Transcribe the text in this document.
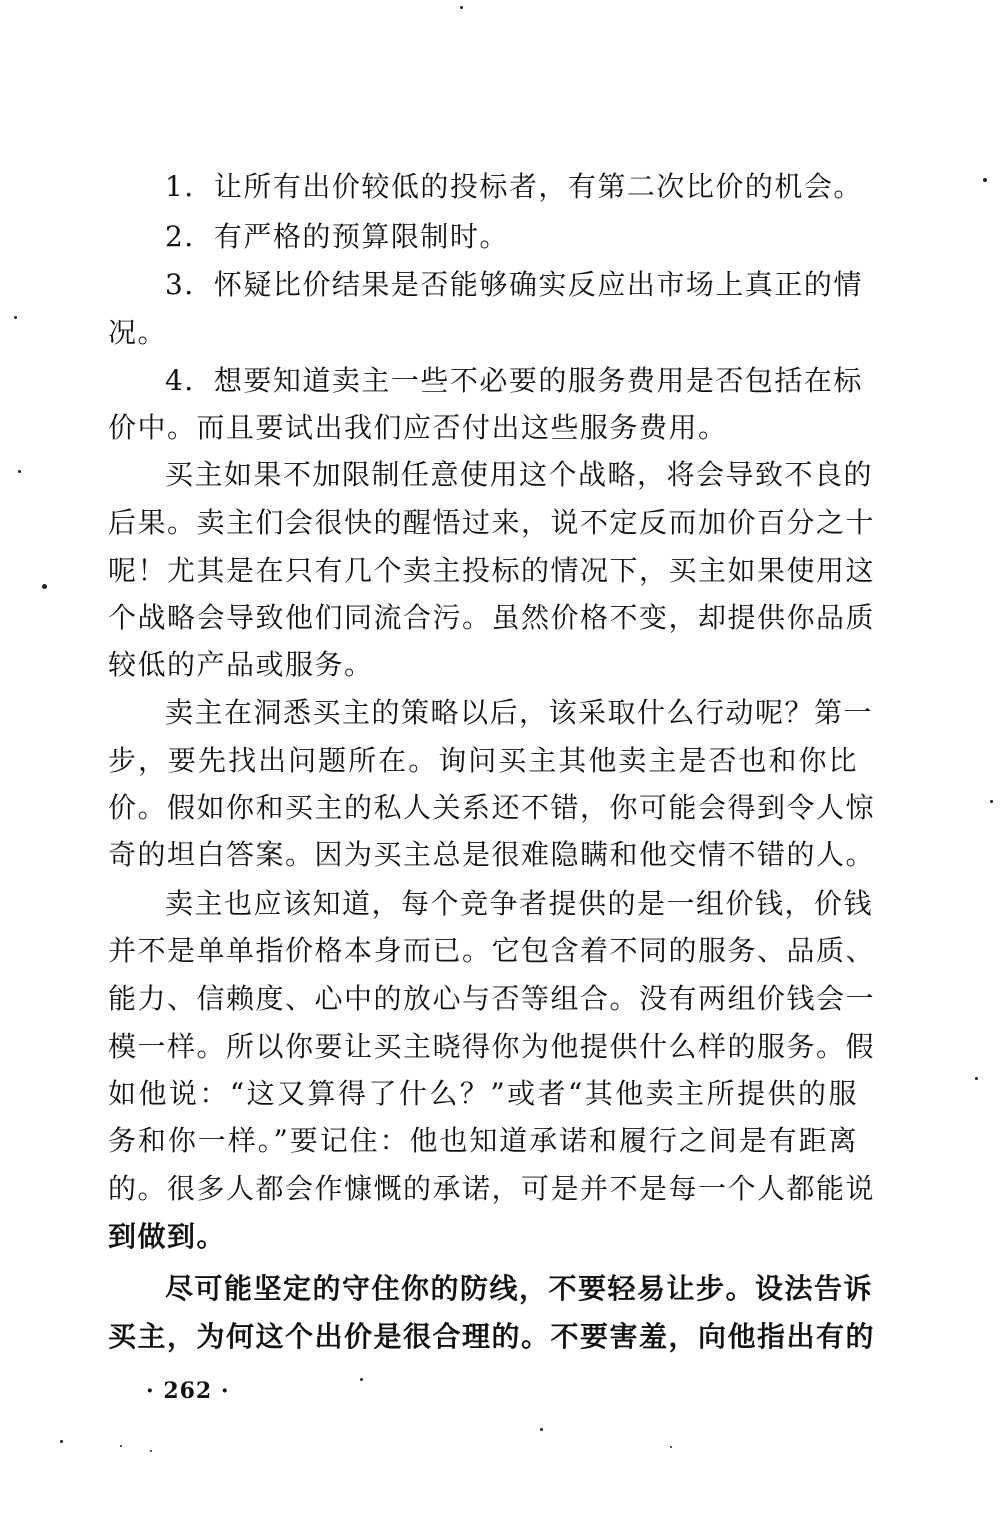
1．让所有出价较低的投标者，有第二次比价的机会。
2．有严格的预算限制时。
3．怀疑比价结果是否能够确实反应出市场上真正的情
况。
4．想要知道卖主一些不必要的服务费用是否包括在标
价中。而且要试出我们应否付出这些服务费用。
买主如果不加限制任意使用这个战略，将会导致不良的
后果。卖主们会很快的醒悟过来，说不定反而加价百分之十
呢！尤其是在只有几个卖主投标的情况下，买主如果使用这
个战略会导致他们同流合污。虽然价格不变，却提供你品质
较低的产品或服务。
卖主在洞悉买主的策略以后，该采取什么行动呢？第一
步，要先找出问题所在。询问买主其他卖主是否也和你比
价。假如你和买主的私人关系还不错，你可能会得到令人惊
奇的坦白答案。因为买主总是很难隐瞒和他交情不错的人。
卖主也应该知道，每个竞争者提供的是一组价钱，价钱
并不是单单指价格本身而已。它包含着不同的服务、品质、
能力、信赖度、心中的放心与否等组合。没有两组价钱会一
模一样。所以你要让买主晓得你为他提供什么样的服务。假
如他说：“这又算得了什么？”或者“其他卖主所提供的服
务和你一样。”要记住：他也知道承诺和履行之间是有距离
的。很多人都会作慷慨的承诺，可是并不是每一个人都能说
到做到。
尽可能坚定的守住你的防线，不要轻易让步。设法告诉
买主，为何这个出价是很合理的。不要害羞，向他指出有的
· 262 ·
